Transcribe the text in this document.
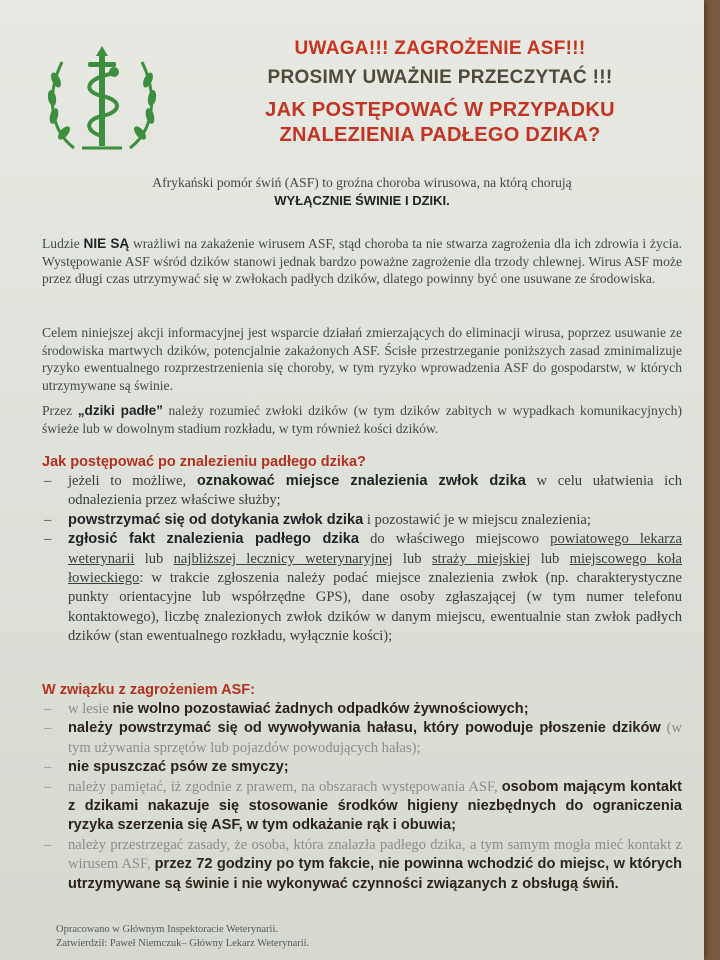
UWAGA!!! ZAGROŻENIE ASF!!!
PROSIMY UWAŻNIE PRZECZYTAĆ !!!
JAK POSTĘPOWAĆ W PRZYPADKU
ZNALEZIENIA PADŁEGO DZIKA?
Afrykański pomór świń (ASF) to groźna choroba wirusowa, na którą chorują
WYŁĄCZNIE ŚWINIE I DZIKI.
Ludzie NIE SĄ wrażliwi na zakażenie wirusem ASF, stąd choroba ta nie stwarza zagrożenia dla ich zdrowia i życia. Występowanie ASF wśród dzików stanowi jednak bardzo poważne zagrożenie dla trzody chlewnej. Wirus ASF może przez długi czas utrzymywać się w zwłokach padłych dzików, dlatego powinny być one usuwane ze środowiska.
Celem niniejszej akcji informacyjnej jest wsparcie działań zmierzających do eliminacji wirusa, poprzez usuwanie ze środowiska martwych dzików, potencjalnie zakażonych ASF. Ścisłe przestrzeganie poniższych zasad zminimalizuje ryzyko ewentualnego rozprzestrzenienia się choroby, w tym ryzyko wprowadzenia ASF do gospodarstw, w których utrzymywane są świnie.
Przez „dziki padłe” należy rozumieć zwłoki dzików (w tym dzików zabitych w wypadkach komunikacyjnych) świeże lub w dowolnym stadium rozkładu, w tym również kości dzików.
Jak postępować po znalezieniu padłego dzika?
– jeżeli to możliwe, oznakować miejsce znalezienia zwłok dzika w celu ułatwienia ich odnalezienia przez właściwe służby;
– powstrzymać się od dotykania zwłok dzika i pozostawić je w miejscu znalezienia;
– zgłosić fakt znalezienia padłego dzika do właściwego miejscowo powiatowego lekarza weterynarii lub najbliższej lecznicy weterynaryjnej lub straży miejskiej lub miejscowego koła łowieckiego: w trakcie zgłoszenia należy podać miejsce znalezienia zwłok (np. charakterystyczne punkty orientacyjne lub współrzędne GPS), dane osoby zgłaszającej (w tym numer telefonu kontaktowego), liczbę znalezionych zwłok dzików w danym miejscu, ewentualnie stan zwłok padłych dzików (stan ewentualnego rozkładu, wyłącznie kości);
W związku z zagrożeniem ASF:
– w lesie nie wolno pozostawiać żadnych odpadków żywnościowych;
– należy powstrzymać się od wywoływania hałasu, który powoduje płoszenie dzików (w tym używania sprzętów lub pojazdów powodujących hałas);
– nie spuszczać psów ze smyczy;
– należy pamiętać, iż zgodnie z prawem, na obszarach występowania ASF, osobom mającym kontakt z dzikami nakazuje się stosowanie środków higieny niezbędnych do ograniczenia ryzyka szerzenia się ASF, w tym odkażanie rąk i obuwia;
– należy przestrzegać zasady, że osoba, która znalazła padłego dzika, a tym samym mogła mieć kontakt z wirusem ASF, przez 72 godziny po tym fakcie, nie powinna wchodzić do miejsc, w których utrzymywane są świnie i nie wykonywać czynności związanych z obsługą świń.
Opracowano w Głównym Inspektoracie Weterynarii.
Zatwierdził: Paweł Niemczuk– Główny Lekarz Weterynarii.
